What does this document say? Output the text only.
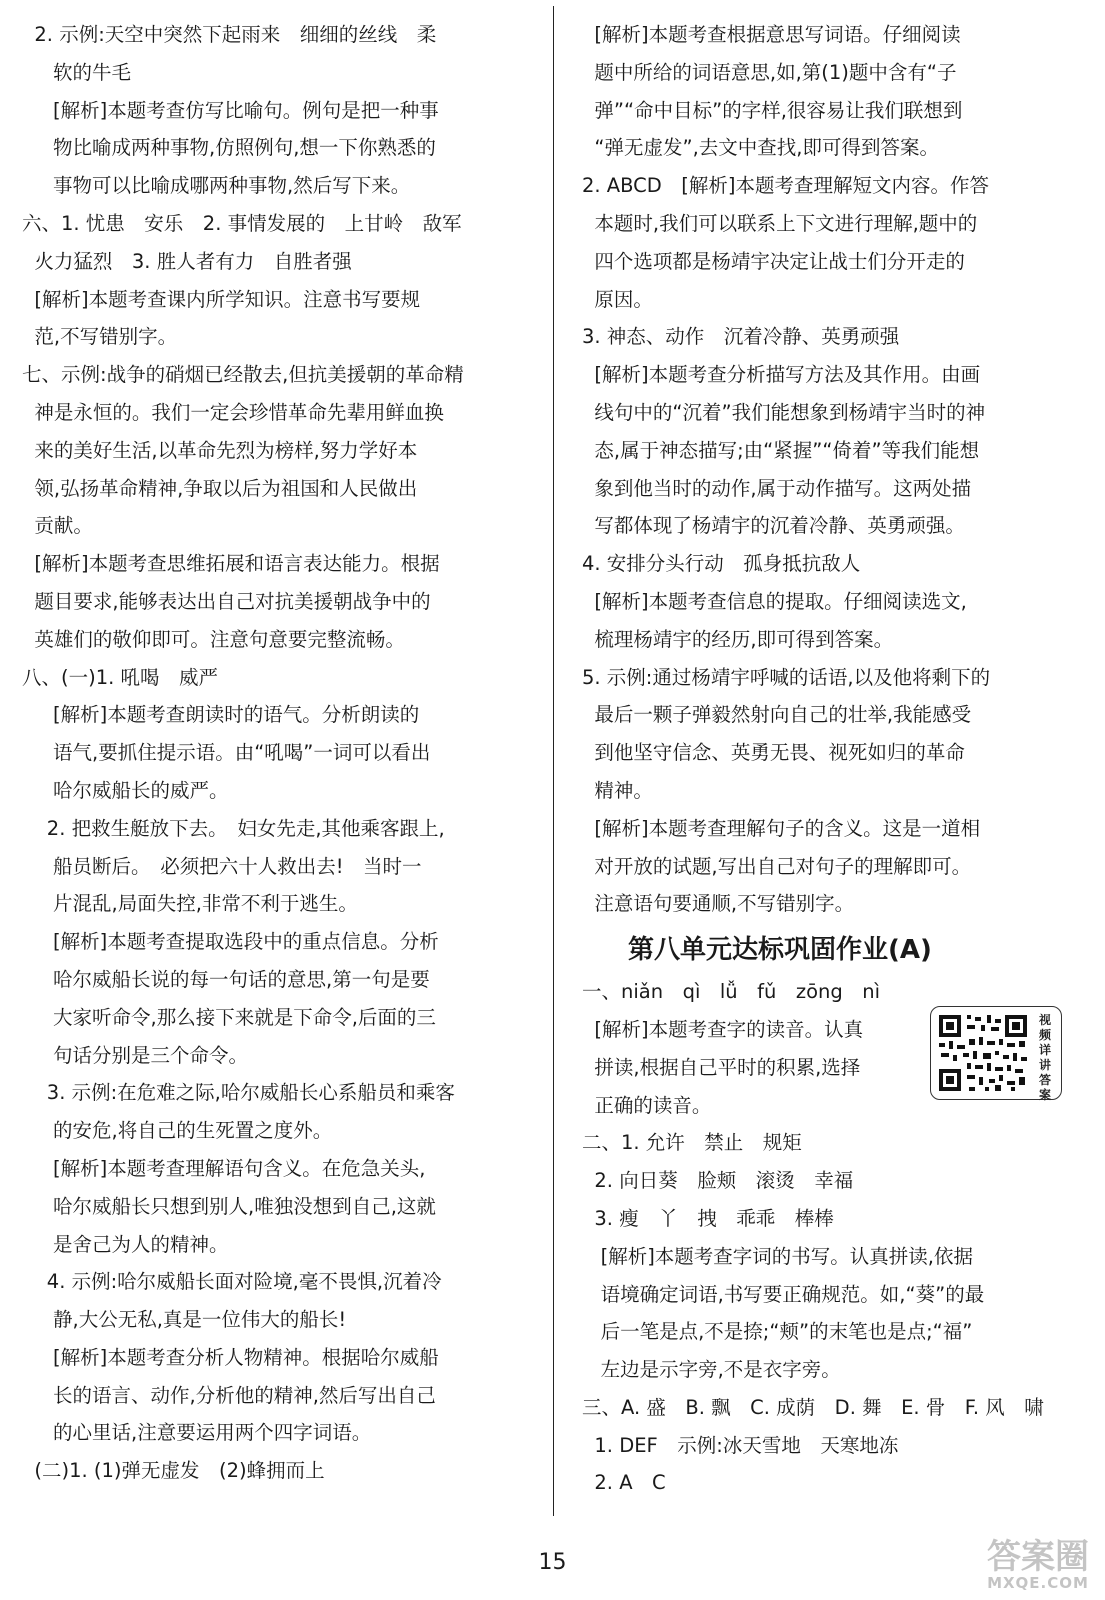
2. 示例:天空中突然下起雨来　细细的丝线　柔
软的牛毛
[解析]本题考查仿写比喻句。例句是把一种事
物比喻成两种事物,仿照例句,想一下你熟悉的
事物可以比喻成哪两种事物,然后写下来。
六、1. 忧患　安乐　2. 事情发展的　上甘岭　敌军
火力猛烈　3. 胜人者有力　自胜者强
[解析]本题考查课内所学知识。注意书写要规
范,不写错别字。
七、示例:战争的硝烟已经散去,但抗美援朝的革命精
神是永恒的。我们一定会珍惜革命先辈用鲜血换
来的美好生活,以革命先烈为榜样,努力学好本
领,弘扬革命精神,争取以后为祖国和人民做出
贡献。
[解析]本题考查思维拓展和语言表达能力。根据
题目要求,能够表达出自己对抗美援朝战争中的
英雄们的敬仰即可。注意句意要完整流畅。
八、(一)1. 吼喝　威严
[解析]本题考查朗读时的语气。分析朗读的
语气,要抓住提示语。由“吼喝”一词可以看出
哈尔威船长的威严。
2. 把救生艇放下去。　妇女先走,其他乘客跟上,
船员断后。　必须把六十人救出去!　当时一
片混乱,局面失控,非常不利于逃生。
[解析]本题考查提取选段中的重点信息。分析
哈尔威船长说的每一句话的意思,第一句是要
大家听命令,那么接下来就是下命令,后面的三
句话分别是三个命令。
3. 示例:在危难之际,哈尔威船长心系船员和乘客
的安危,将自己的生死置之度外。
[解析]本题考查理解语句含义。在危急关头,
哈尔威船长只想到别人,唯独没想到自己,这就
是舍己为人的精神。
4. 示例:哈尔威船长面对险境,毫不畏惧,沉着冷
静,大公无私,真是一位伟大的船长!
[解析]本题考查分析人物精神。根据哈尔威船
长的语言、动作,分析他的精神,然后写出自己
的心里话,注意要运用两个四字词语。
(二)1. (1)弹无虚发　(2)蜂拥而上
[解析]本题考查根据意思写词语。仔细阅读
题中所给的词语意思,如,第(1)题中含有“子
弹”“命中目标”的字样,很容易让我们联想到
“弹无虚发”,去文中查找,即可得到答案。
2. ABCD　[解析]本题考查理解短文内容。作答
本题时,我们可以联系上下文进行理解,题中的
四个选项都是杨靖宇决定让战士们分开走的
原因。
3. 神态、动作　沉着冷静、英勇顽强
[解析]本题考查分析描写方法及其作用。由画
线句中的“沉着”我们能想象到杨靖宇当时的神
态,属于神态描写;由“紧握”“倚着”等我们能想
象到他当时的动作,属于动作描写。这两处描
写都体现了杨靖宇的沉着冷静、英勇顽强。
4. 安排分头行动　孤身抵抗敌人
[解析]本题考查信息的提取。仔细阅读选文,
梳理杨靖宇的经历,即可得到答案。
5. 示例:通过杨靖宇呼喊的话语,以及他将剩下的
最后一颗子弹毅然射向自己的壮举,我能感受
到他坚守信念、英勇无畏、视死如归的革命
精神。
[解析]本题考查理解句子的含义。这是一道相
对开放的试题,写出自己对句子的理解即可。
注意语句要通顺,不写错别字。
第八单元达标巩固作业(A)
一、niǎn　qì　lǚ　fǔ　zōng　nì
[解析]本题考查字的读音。认真
拼读,根据自己平时的积累,选择
正确的读音。
二、1. 允许　禁止　规矩
2. 向日葵　脸颊　滚烫　幸福
3. 瘦　丫　拽　乖乖　棒棒
[解析]本题考查字词的书写。认真拼读,依据
语境确定词语,书写要正确规范。如,“葵”的最
后一笔是点,不是捺;“颊”的末笔也是点;“福”
左边是示字旁,不是衣字旁。
三、A. 盛　B. 飘　C. 成荫　D. 舞　E. 骨　F. 风　啸
1. DEF　示例:冰天雪地　天寒地冻
2. A　C
视频详讲答案
15	答案圈
MXQE.COM
